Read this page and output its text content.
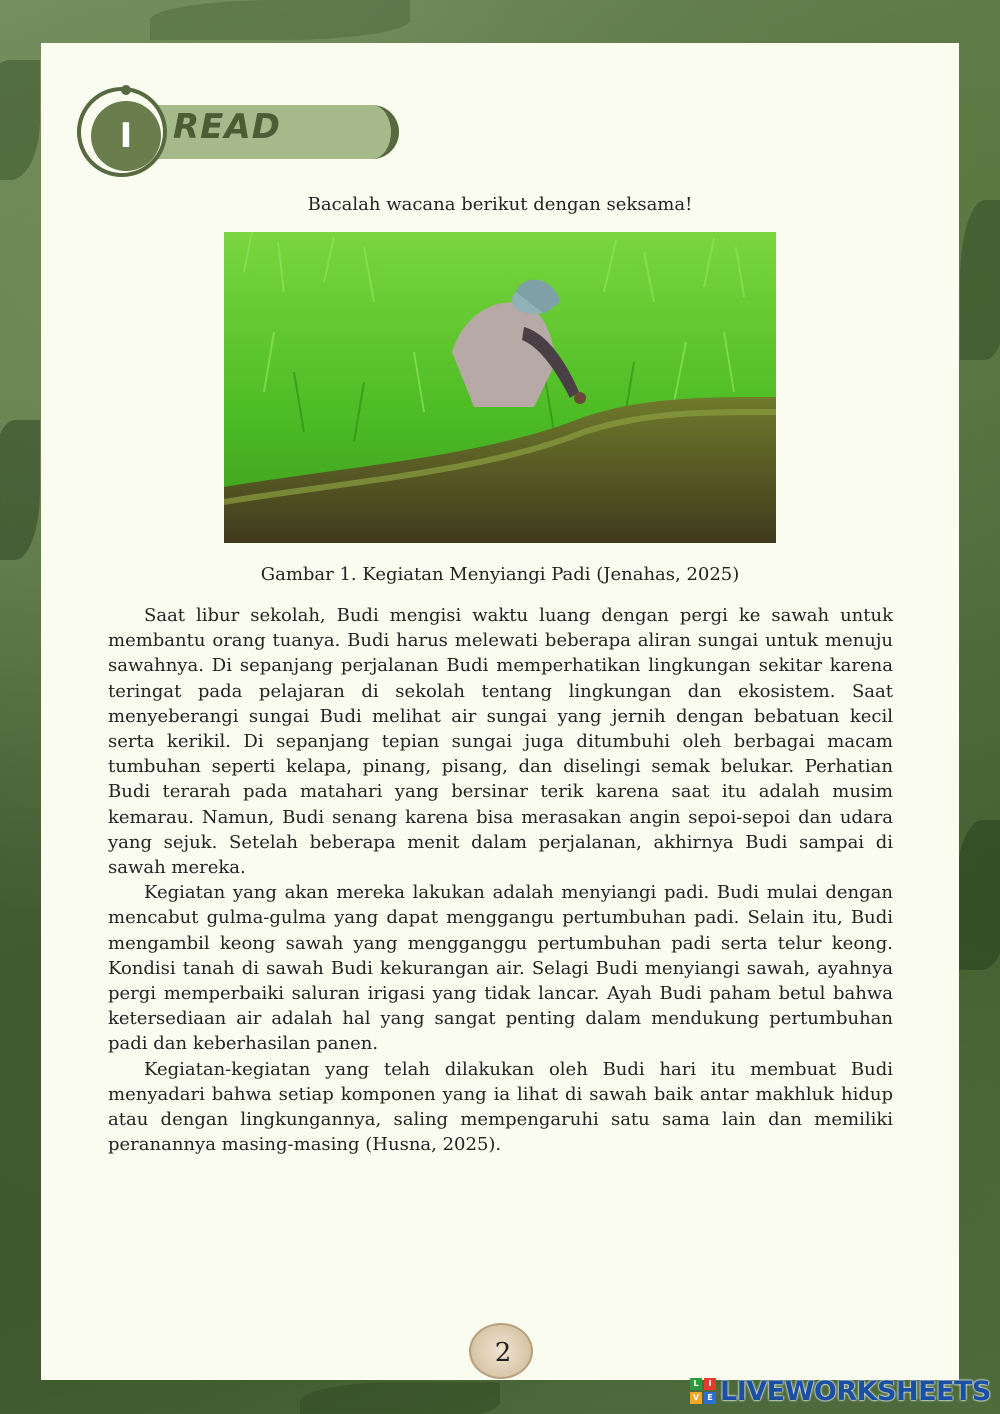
READ
I
Bacalah wacana berikut dengan seksama!
Gambar 1. Kegiatan Menyiangi Padi (Jenahas, 2025)

Saat libur sekolah, Budi mengisi waktu luang dengan pergi ke sawah untuk membantu orang tuanya. Budi harus melewati beberapa aliran sungai untuk menuju sawahnya. Di sepanjang perjalanan Budi memperhatikan lingkungan sekitar karena teringat pada pelajaran di sekolah tentang lingkungan dan ekosistem. Saat menyeberangi sungai Budi melihat air sungai yang jernih dengan bebatuan kecil serta kerikil. Di sepanjang tepian sungai juga ditumbuhi oleh berbagai macam tumbuhan seperti kelapa, pinang, pisang, dan diselingi semak belukar. Perhatian Budi terarah pada matahari yang bersinar terik karena saat itu adalah musim kemarau. Namun, Budi senang karena bisa merasakan angin sepoi-sepoi dan udara yang sejuk. Setelah beberapa menit dalam perjalanan, akhirnya Budi sampai di sawah mereka.

Kegiatan yang akan mereka lakukan adalah menyiangi padi. Budi mulai dengan mencabut gulma-gulma yang dapat menggangu pertumbuhan padi. Selain itu, Budi mengambil keong sawah yang mengganggu pertumbuhan padi serta telur keong. Kondisi tanah di sawah Budi kekurangan air. Selagi Budi menyiangi sawah, ayahnya pergi memperbaiki saluran irigasi yang tidak lancar. Ayah Budi paham betul bahwa ketersediaan air adalah hal yang sangat penting dalam mendukung pertumbuhan padi dan keberhasilan panen.

Kegiatan-kegiatan yang telah dilakukan oleh Budi hari itu membuat Budi menyadari bahwa setiap komponen yang ia lihat di sawah baik antar makhluk hidup atau dengan lingkungannya, saling mempengaruhi satu sama lain dan memiliki peranannya masing-masing (Husna, 2025).

2
L	I
V	E LIVEWORKSHEETS
